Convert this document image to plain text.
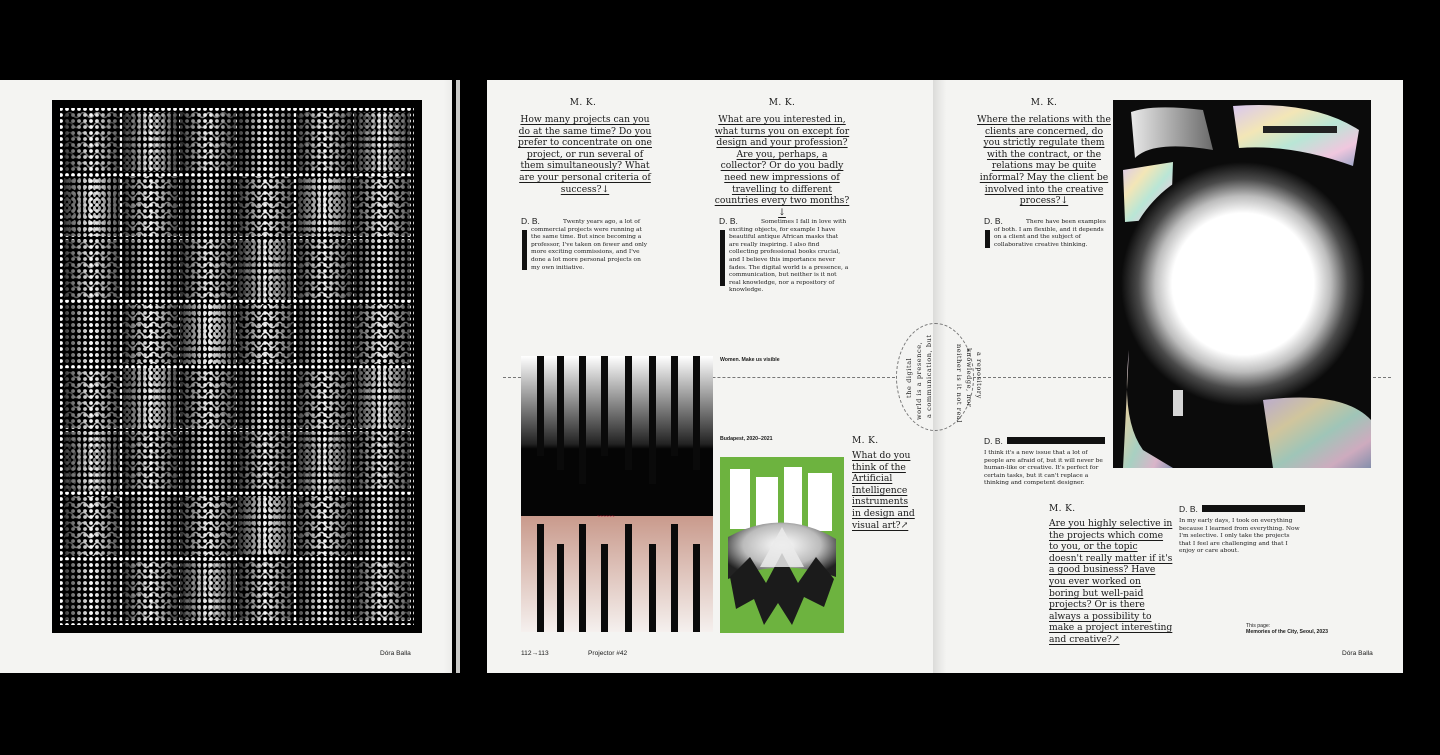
Dóra Balla
M. K.
How many projects can you do at the same time? Do you prefer to concentrate on one project, or run several of them simultaneously? What are your personal criteria of success?↓
D. B.	Twenty years ago, a lot of commercial projects were running at the same time. But since becoming a professor, I've taken on fewer and only more exciting commissions, and I've done a lot more personal projects on my own initiative.
M. K.
What are you interested in, what turns you on except for design and your profession? Are you, perhaps, a collector? Or do you badly need new impressions of travelling to different countries every two months?↓
D. B.	Sometimes I fall in love with exciting objects, for example I have beautiful antique African masks that are really inspiring. I also find collecting professional books crucial, and I believe this importance never fades. The digital world is a presence, a communication, but neither is it not real knowledge, nor a repository of knowledge.
M. K.
Where the relations with the clients are concerned, do you strictly regulate them with the contract, or the relations may be quite informal? May the client be involved into the creative process?↓
D. B.	There have been examples of both. I am flexible, and it depends on a client and the subject of collaborative creative thinking.
the digital world is a presence, a communication, but	neither is it not real knowledge, nor a repository
~~~~~~
Women. Make us visible
Budapest, 2020–2021	M. K.
What do you think of the Artificial Intelligence instruments in design and visual art?↗
D. B.
I think it's a new issue that a lot of people are afraid of, but it will never be human-like or creative. It's perfect for certain tasks, but it can't replace a thinking and competent designer.
M. K.
Are you highly selective in the projects which come to you, or the topic doesn't really matter if it's a good business? Have you ever worked on boring but well-paid projects? Or is there always a possibility to make a project interesting and creative?↗
D. B.
In my early days, I took on everything because I learned from everything. Now I'm selective. I only take the projects that I feel are challenging and that I enjoy or care about.
This page:
Memories of the City, Seoul, 2023
112→113	Projector #42	Dóra Balla
